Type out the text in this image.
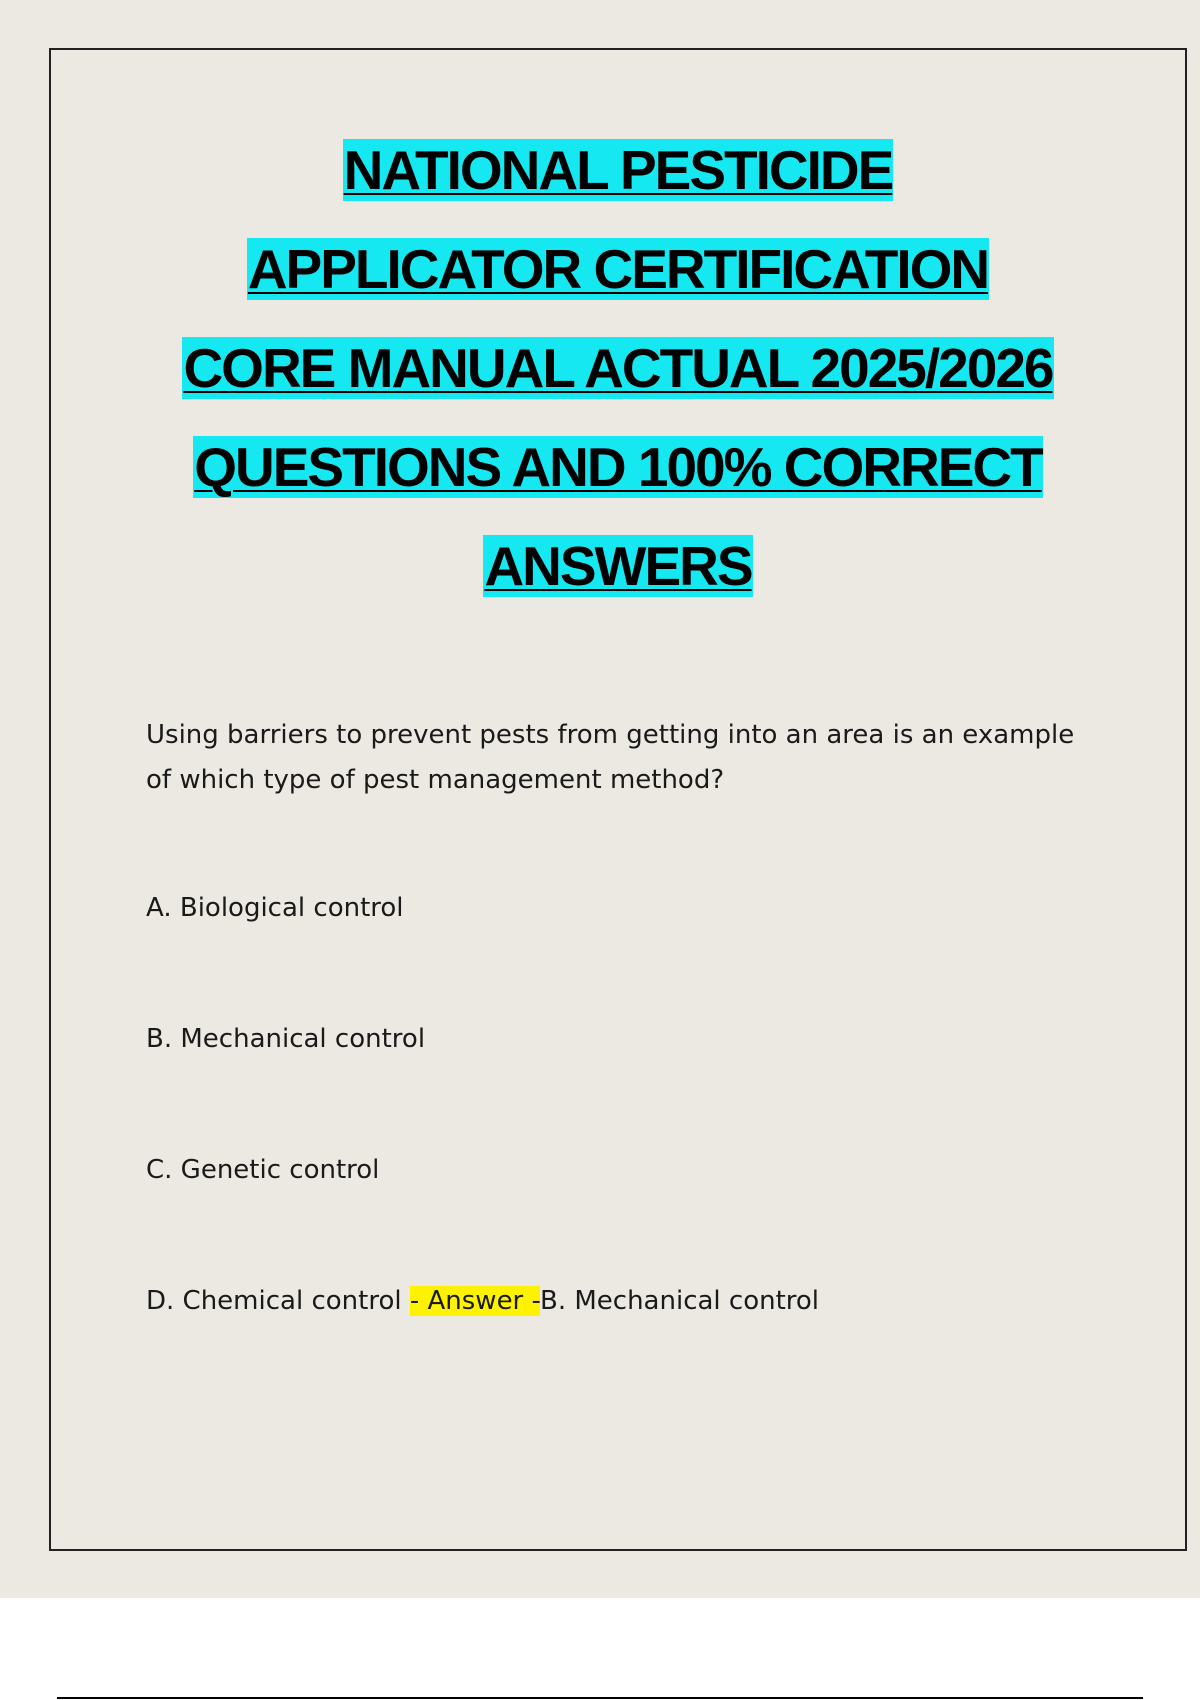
NATIONAL PESTICIDE
APPLICATOR CERTIFICATION
CORE MANUAL ACTUAL 2025/2026
QUESTIONS AND 100% CORRECT
ANSWERS

Using barriers to prevent pests from getting into an area is an example of which type of pest management method?

A. Biological control

B. Mechanical control

C. Genetic control

D. Chemical control - Answer -B. Mechanical control
